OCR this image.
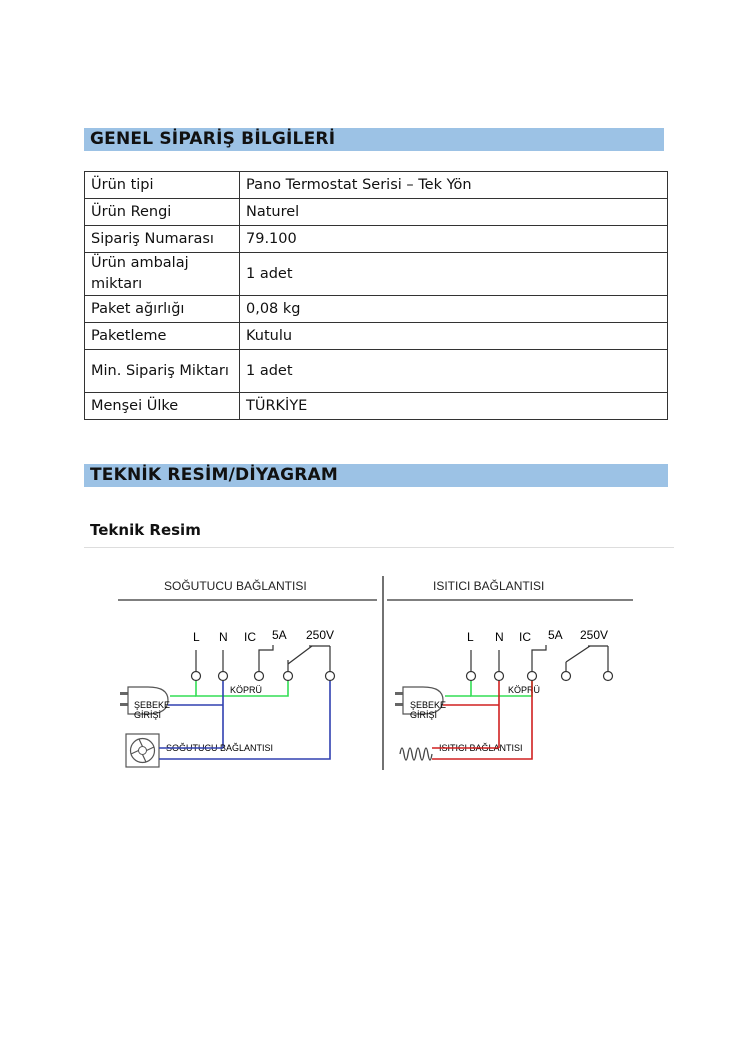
GENEL SİPARİŞ BİLGİLERİ
Ürün tipi	Pano Termostat Serisi – Tek Yön
Ürün Rengi	Naturel
Sipariş Numarası	79.100
Ürün ambalaj miktarı	1 adet
Paket ağırlığı	0,08 kg
Paketleme	Kutulu
Min. Sipariş Miktarı	1 adet
Menşei Ülke	TÜRKİYE
TEKNİK RESİM/DİYAGRAM
Teknik Resim
SOĞUTUCU BAĞLANTISI	ISITICI BAĞLANTISI
L N IC 5A 250V
KÖPRÜ
ŞEBEKE
GİRİŞİ
SOĞUTUCU BAĞLANTISI
L N IC 5A 250V
KÖPRÜ
ŞEBEKE
GİRİŞİ
ISITICI BAĞLANTISI
